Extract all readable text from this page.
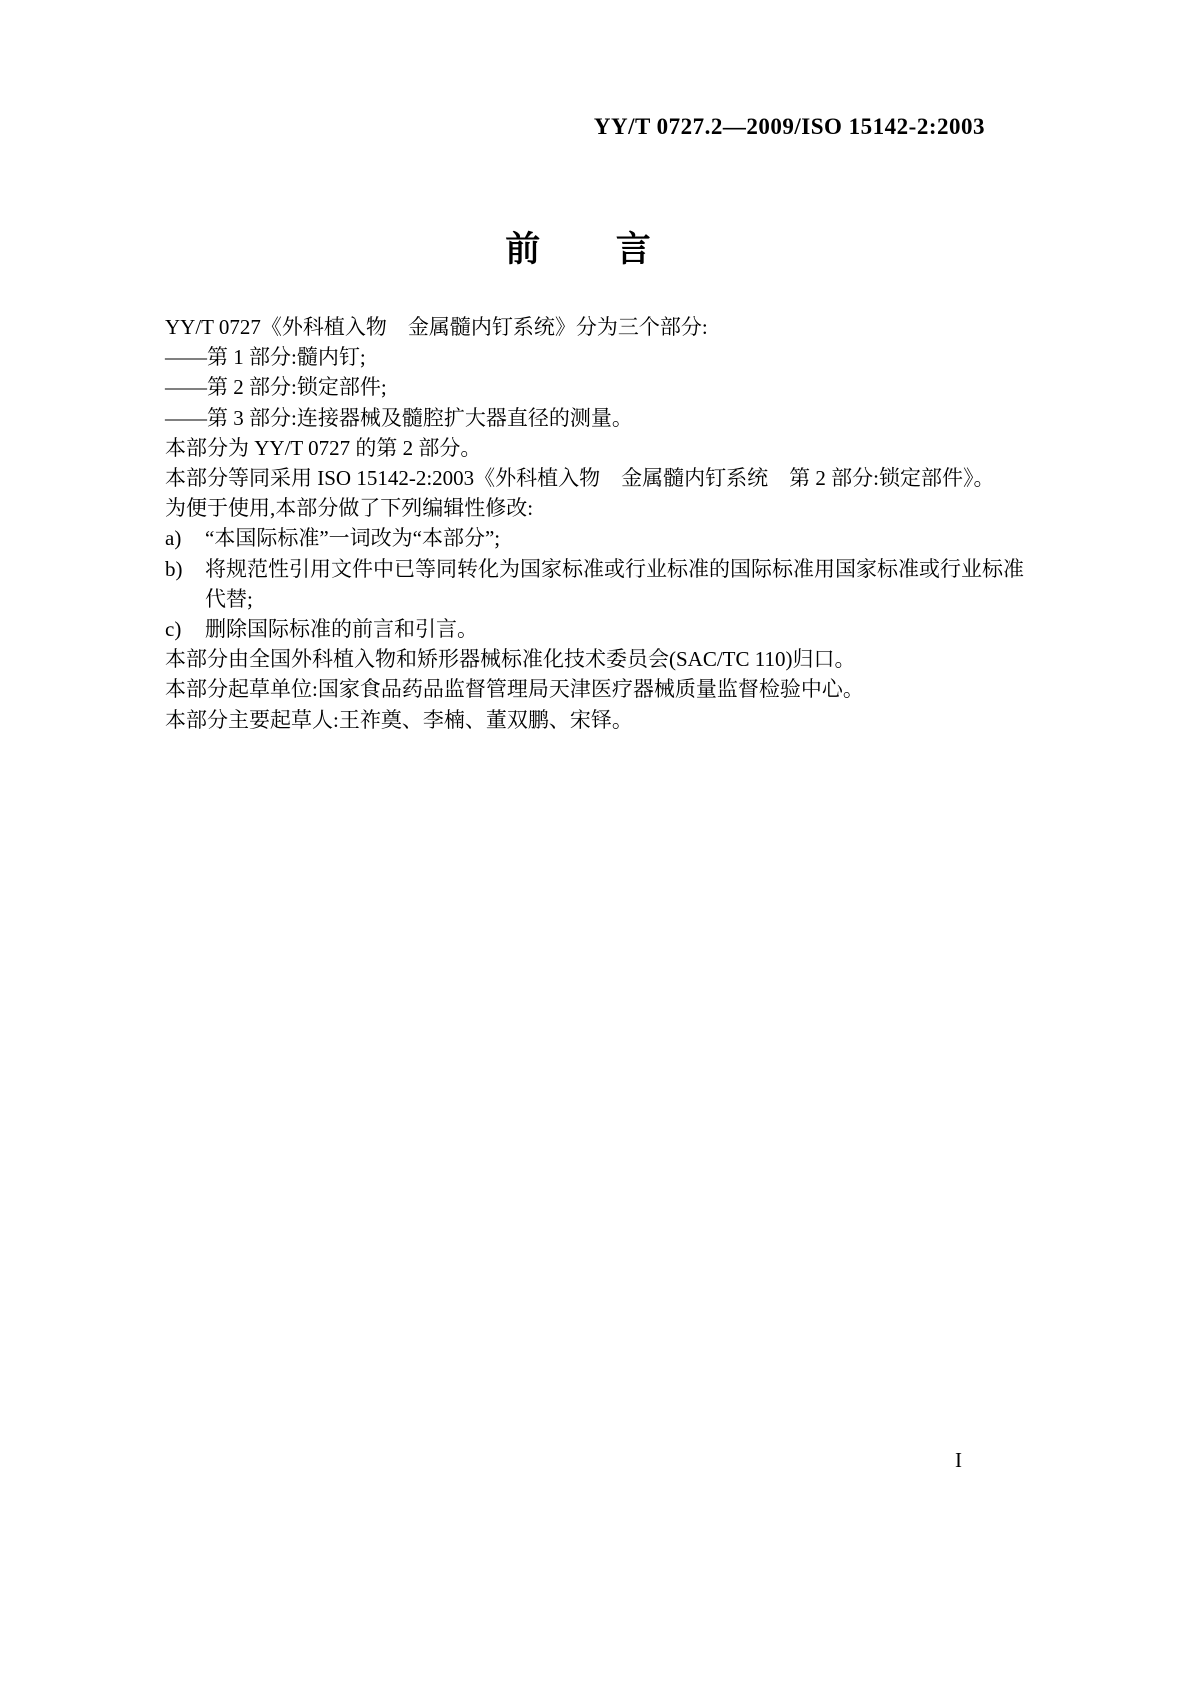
YY/T 0727.2—2009/ISO 15142-2:2003
前 言

YY/T 0727《外科植入物　金属髓内钉系统》分为三个部分:

——第 1 部分:髓内钉;

——第 2 部分:锁定部件;

——第 3 部分:连接器械及髓腔扩大器直径的测量。

本部分为 YY/T 0727 的第 2 部分。

本部分等同采用 ISO 15142-2:2003《外科植入物　金属髓内钉系统　第 2 部分:锁定部件》。

为便于使用,本部分做了下列编辑性修改:

a) “本国际标准”一词改为“本部分”;

b) 将规范性引用文件中已等同转化为国家标准或行业标准的国际标准用国家标准或行业标准

代替;

c) 删除国际标准的前言和引言。

本部分由全国外科植入物和矫形器械标准化技术委员会(SAC/TC 110)归口。

本部分起草单位:国家食品药品监督管理局天津医疗器械质量监督检验中心。

本部分主要起草人:王祚奠、李楠、董双鹏、宋铎。

I
